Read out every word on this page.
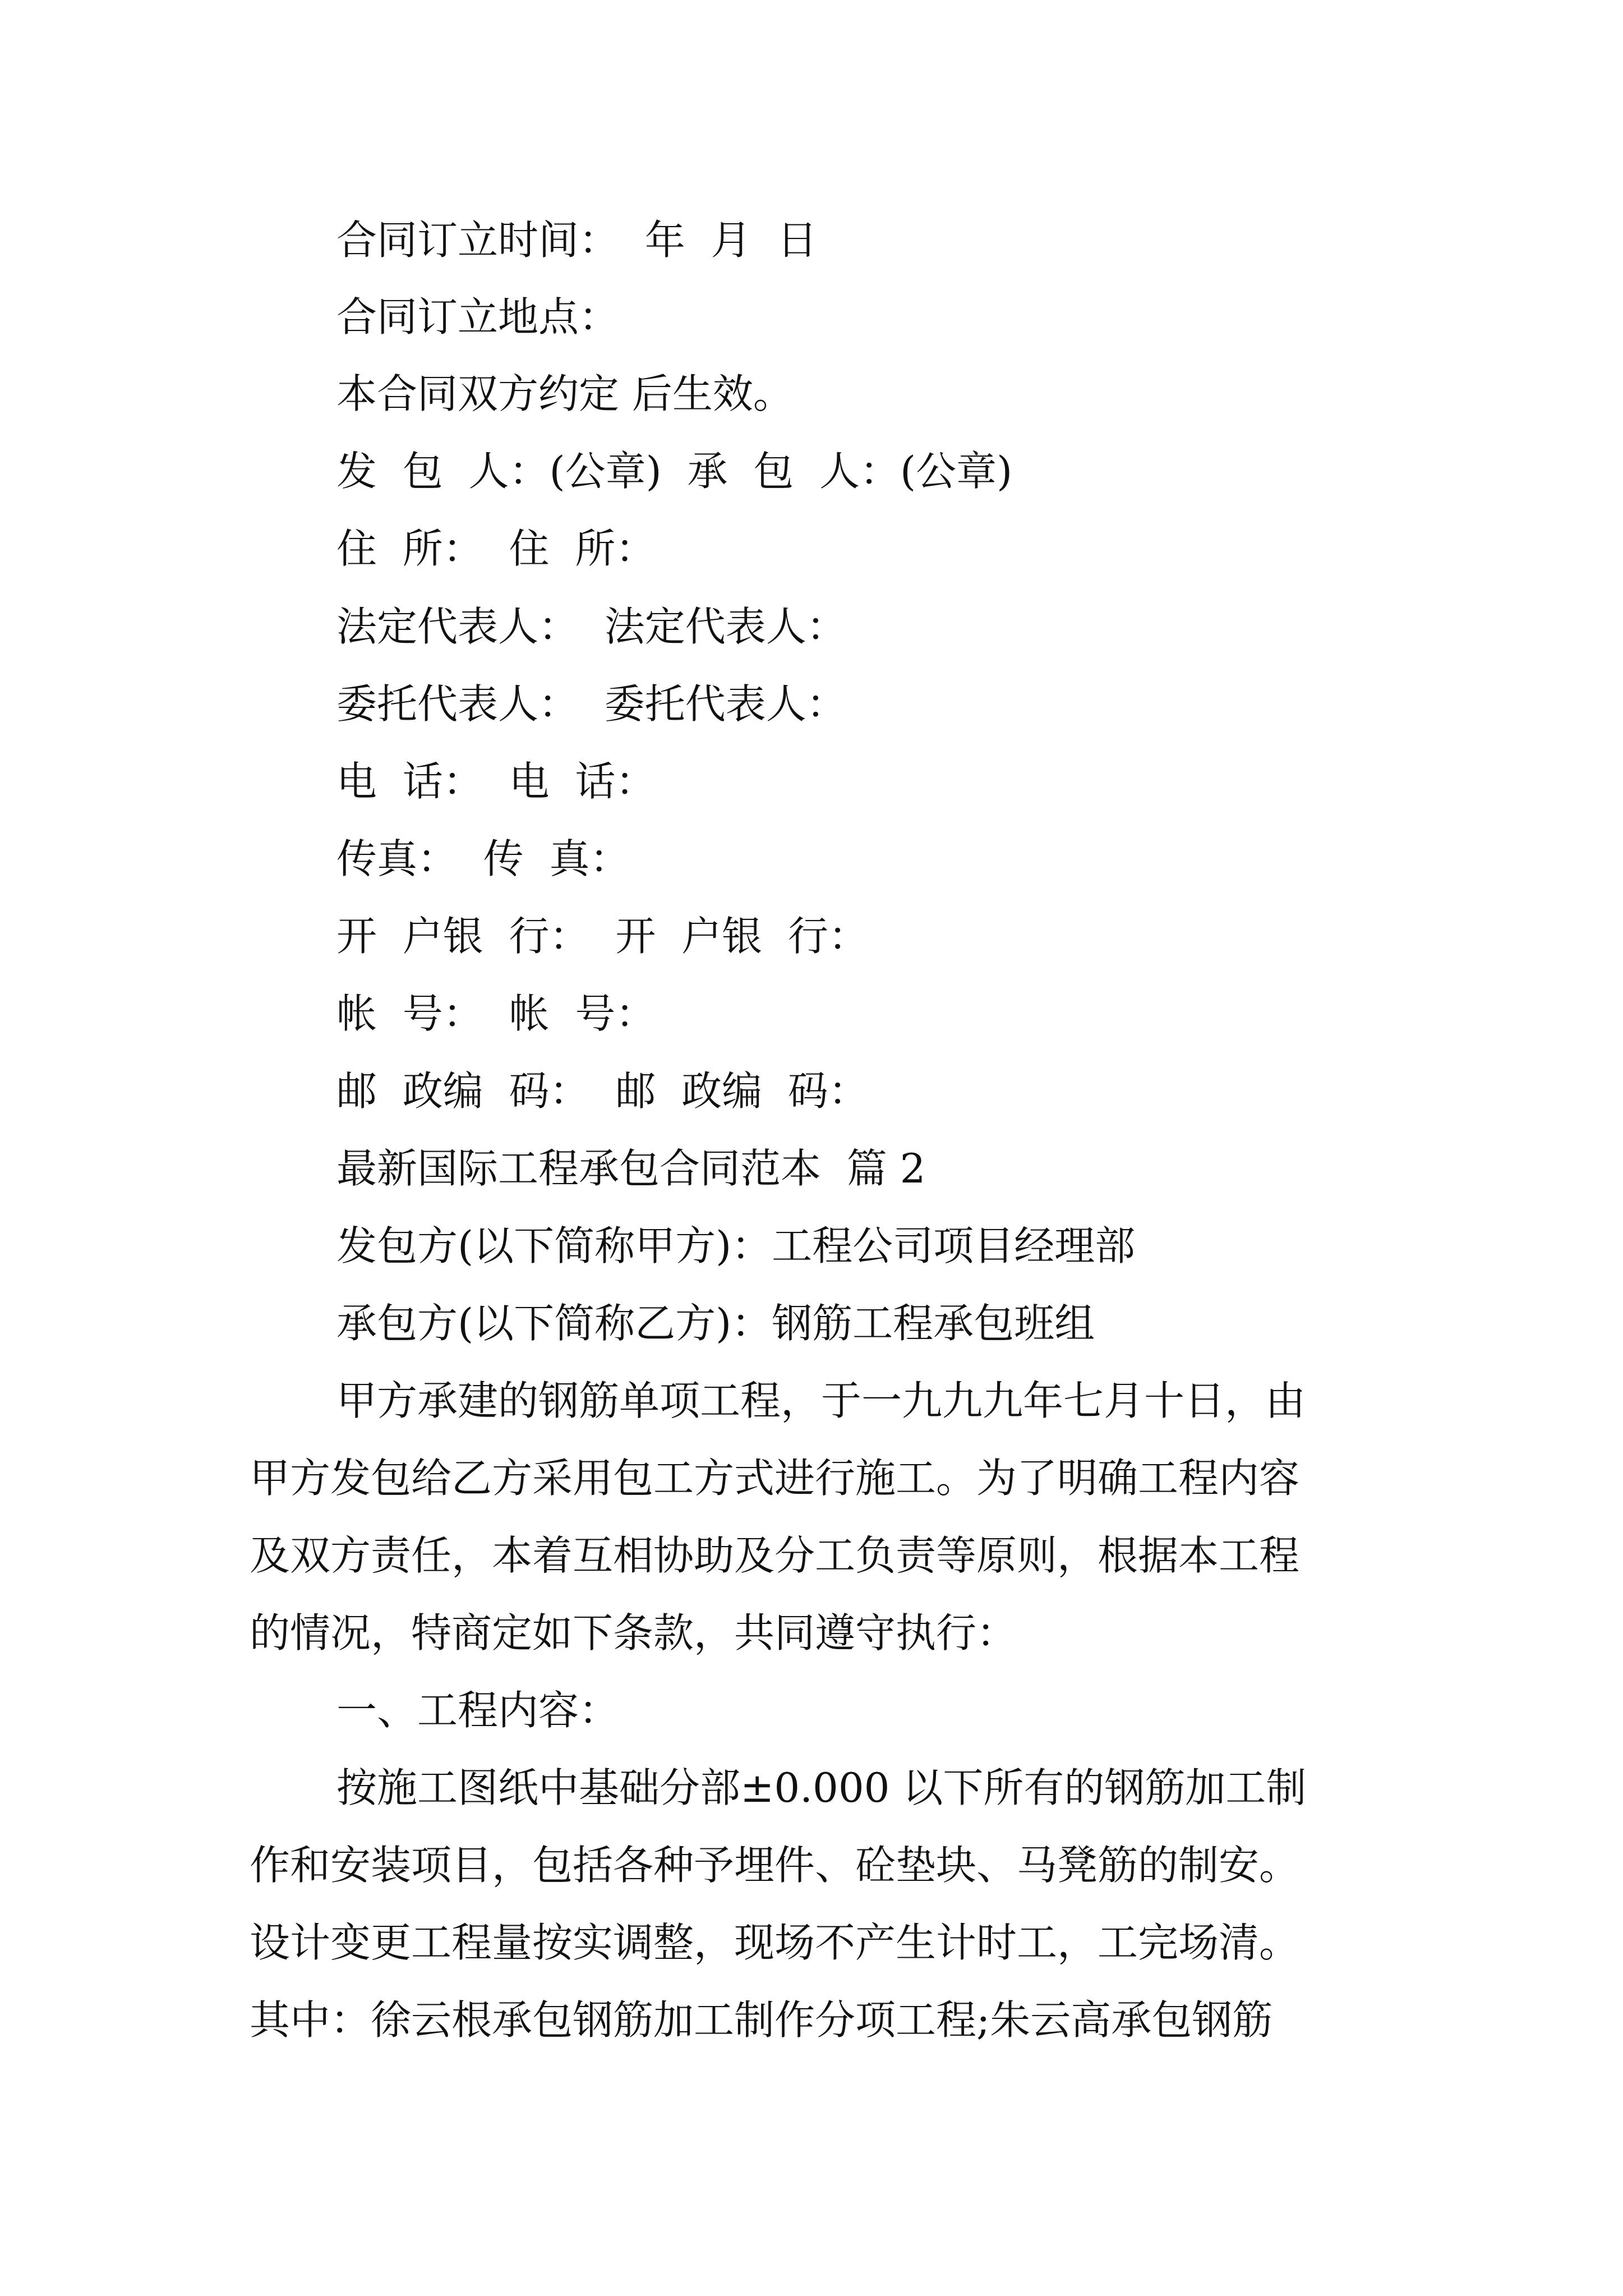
合同订立时间：  年  月  日
合同订立地点：
本合同双方约定 后生效。
发  包  人：(公章)  承  包  人：(公章)
住  所：  住  所：
法定代表人：  法定代表人：
委托代表人：  委托代表人：
电  话：  电  话：
传真：  传  真：
开  户银  行：  开  户银  行：
帐  号：  帐  号：
邮  政编  码：  邮  政编  码：
最新国际工程承包合同范本  篇 2
发包方(以下简称甲方)：工程公司项目经理部
承包方(以下简称乙方)：钢筋工程承包班组
甲方承建的钢筋单项工程，于一九九九年七月十日，由
甲方发包给乙方采用包工方式进行施工。为了明确工程内容
及双方责任，本着互相协助及分工负责等原则，根据本工程
的情况，特商定如下条款，共同遵守执行：
一、工程内容：
按施工图纸中基础分部±0.000 以下所有的钢筋加工制
作和安装项目，包括各种予埋件、砼垫块、马凳筋的制安。
设计变更工程量按实调整，现场不产生计时工，工完场清。
其中：徐云根承包钢筋加工制作分项工程;朱云高承包钢筋
